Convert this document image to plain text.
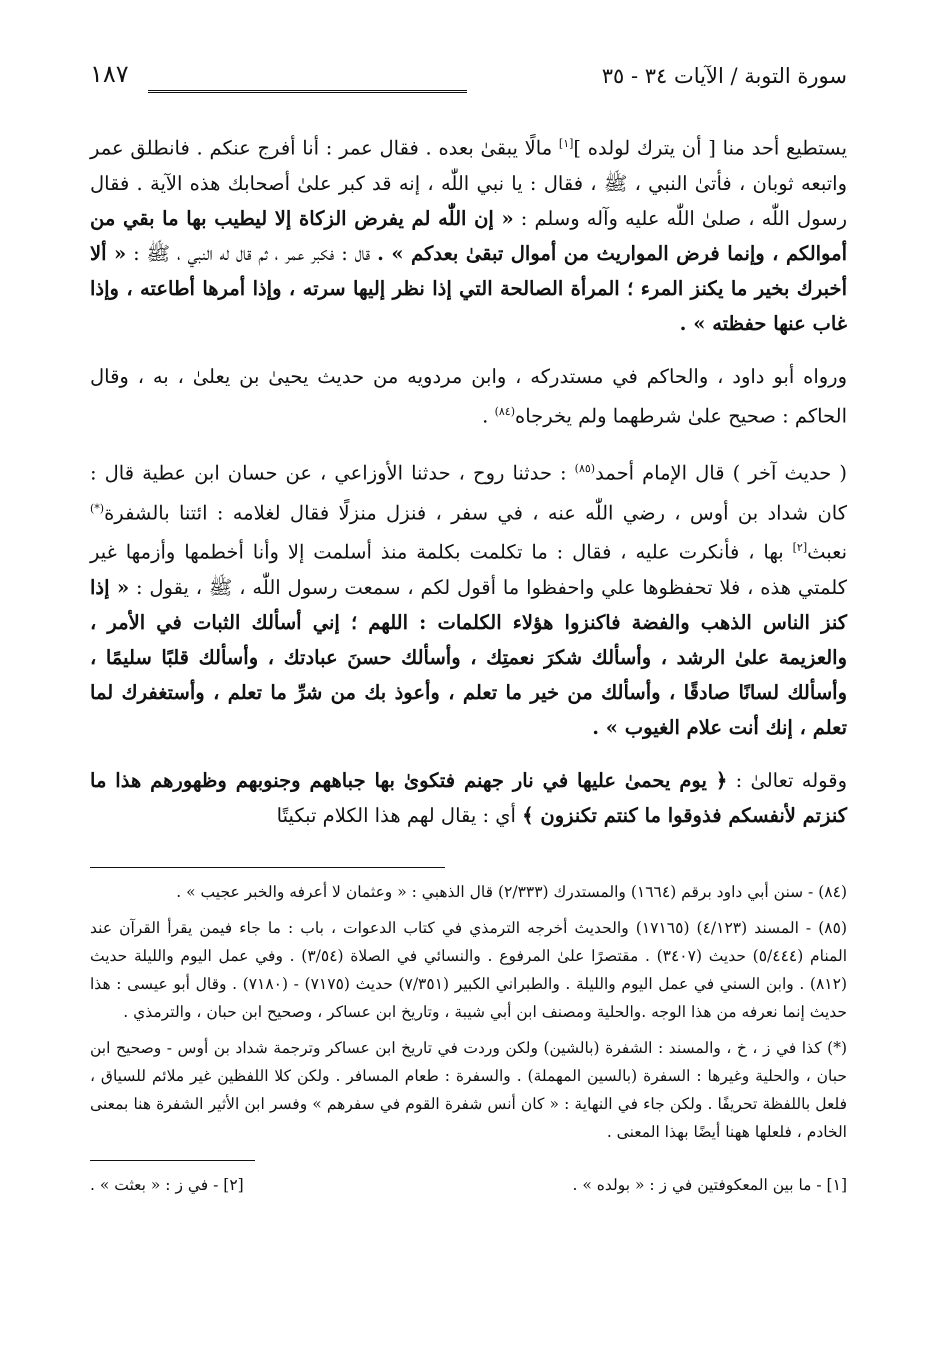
سورة التوبة / الآيات ٣٤ - ٣٥
١٨٧

يستطيع أحد منا [ أن يترك لولده ][١] مالًا يبقىٰ بعده . فقال عمر : أنا أفرج عنكم . فانطلق عمر واتبعه ثوبان ، فأتىٰ النبي ، ﷺ ، فقال : يا نبي اللّٰه ، إنه قد كبر علىٰ أصحابك هذه الآية . فقال رسول اللّٰه ، صلىٰ اللّٰه عليه وآله وسلم : « إن اللّٰه لم يفرض الزكاة إلا ليطيب بها ما بقي من أموالكم ، وإنما فرض المواريث من أموال تبقىٰ بعدكم » . قال : فكبر عمر ، ثم قال له النبي ، ﷺ : « ألا أخبرك بخير ما يكنز المرء ؛ المرأة الصالحة التي إذا نظر إليها سرته ، وإذا أمرها أطاعته ، وإذا غاب عنها حفظته » .

ورواه أبو داود ، والحاكم في مستدركه ، وابن مردويه من حديث يحيىٰ بن يعلىٰ ، به ، وقال الحاكم : صحيح علىٰ شرطهما ولم يخرجاه$^{(٨٤)}$ .

( حديث آخر ) قال الإمام أحمد$^{(٨٥)}$ : حدثنا روح ، حدثنا الأوزاعي ، عن حسان ابن عطية قال : كان شداد بن أوس ، رضي اللّٰه عنه ، في سفر ، فنزل منزلًا فقال لغلامه : ائتنا بالشفرة(*) نعبث[٢] بها ، فأنكرت عليه ، فقال : ما تكلمت بكلمة منذ أسلمت إلا وأنا أخطمها وأزمها غير كلمتي هذه ، فلا تحفظوها علي واحفظوا ما أقول لكم ، سمعت رسول اللّٰه ، ﷺ ، يقول : « إذا كنز الناس الذهب والفضة فاكنزوا هؤلاء الكلمات : اللهم ؛ إني أسألك الثبات في الأمر ، والعزيمة علىٰ الرشد ، وأسألك شكرَ نعمتِك ، وأسألك حسنَ عبادتك ، وأسألك قلبًا سليمًا ، وأسألك لسانًا صادقًا ، وأسألك من خير ما تعلم ، وأعوذ بك من شرِّ ما تعلم ، وأستغفرك لما تعلم ، إنك أنت علام الغيوب » .

وقوله تعالىٰ : ﴿ يوم يحمىٰ عليها في نار جهنم فتكوىٰ بها جباههم وجنوبهم وظهورهم هذا ما كنزتم لأنفسكم فذوقوا ما كنتم تكنزون ﴾ أي : يقال لهم هذا الكلام تبكيتًا

(٨٤) - سنن أبي داود برقم (١٦٦٤) والمستدرك (٢/٣٣٣) قال الذهبي : « وعثمان لا أعرفه والخبر عجيب » .

(٨٥) - المسند (٤/١٢٣) (١٧١٦٥) والحديث أخرجه الترمذي في كتاب الدعوات ، باب : ما جاء فيمن يقرأ القرآن عند المنام (٥/٤٤٤) حديث (٣٤٠٧) . مقتصرًا علىٰ المرفوع . والنسائي في الصلاة (٣/٥٤) . وفي عمل اليوم والليلة حديث (٨١٢) . وابن السني في عمل اليوم والليلة . والطبراني الكبير (٧/٣٥١) حديث (٧١٧٥) - (٧١٨٠) . وقال أبو عيسى : هذا حديث إنما نعرفه من هذا الوجه .والحلية ومصنف ابن أبي شيبة ، وتاريخ ابن عساكر ، وصحيح ابن حبان ، والترمذي .

(*) كذا في ز ، خ ، والمسند : الشفرة (بالشين) ولكن وردت في تاريخ ابن عساكر وترجمة شداد بن أوس - وصحيح ابن حبان ، والحلية وغيرها : السفرة (بالسين المهملة) . والسفرة : طعام المسافر . ولكن كلا اللفظين غير ملائم للسياق ، فلعل باللفظة تحريفًا . ولكن جاء في النهاية : « كان أنس شفرة القوم في سفرهم » وفسر ابن الأثير الشفرة هنا بمعنى الخادم ، فلعلها ههنا أيضًا بهذا المعنى .

[١] - ما بين المعكوفتين في ز : « بولده » .
[٢] - في ز : « بعثت » .
